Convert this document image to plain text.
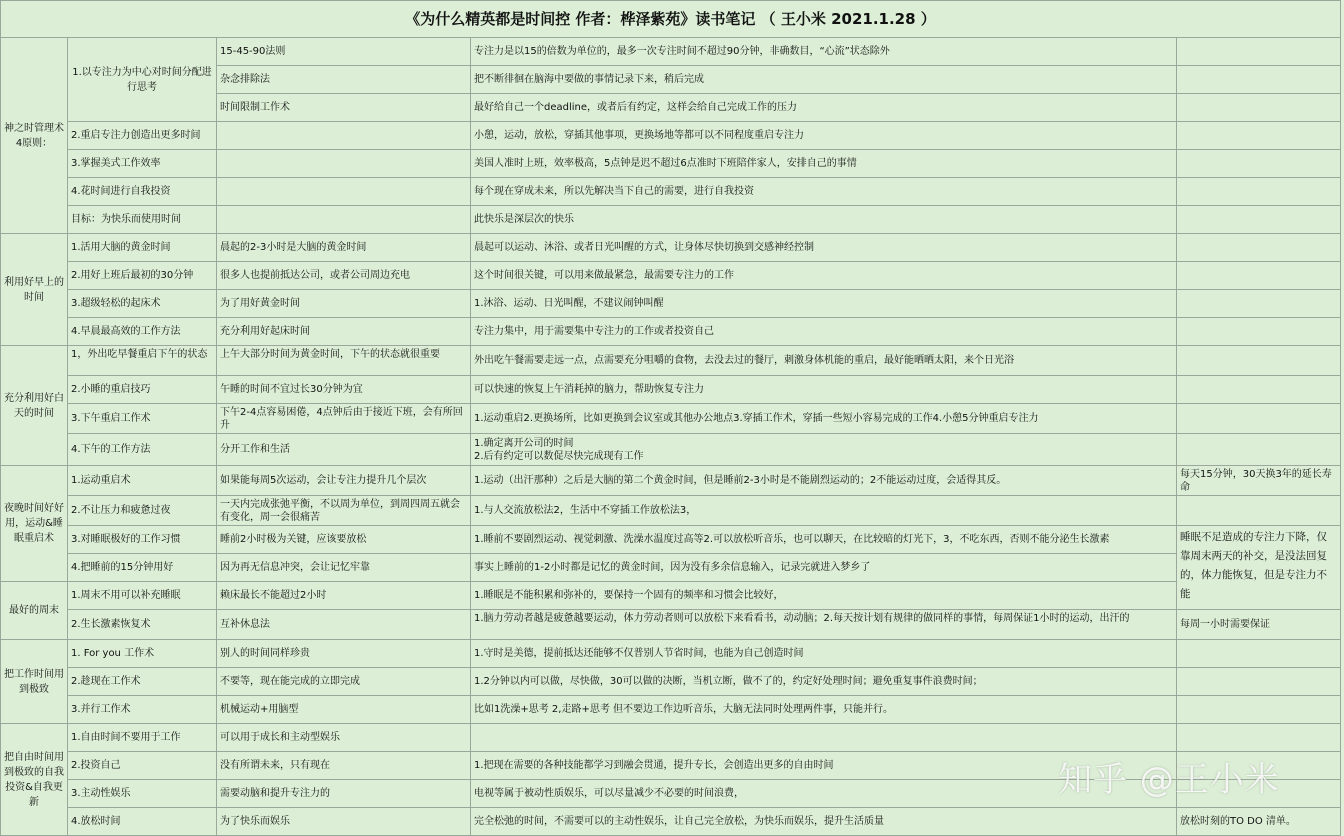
《为什么精英都是时间控 作者：桦泽紫苑》读书笔记 （ 王小米 2021.1.28 ）				
神之时管理术4原则：	1.以专注力为中心对时间分配进行思考	15-45-90法则	专注力是以15的倍数为单位的，最多一次专注时间不超过90分钟，非确数目，“心流”状态除外	
		杂念排除法	把不断徘徊在脑海中要做的事情记录下来，稍后完成	
		时间限制工作术	最好给自己一个deadline，或者后有约定，这样会给自己完成工作的压力	
	2.重启专注力创造出更多时间		小憩，运动，放松，穿插其他事项，更换场地等都可以不同程度重启专注力	
	3.掌握美式工作效率		美国人准时上班，效率极高，5点钟是迟不超过6点准时下班陪伴家人，安排自己的事情	
	4.花时间进行自我投资		每个现在穿成未来，所以先解决当下自己的需要，进行自我投资	
	目标：为快乐而使用时间		此快乐是深层次的快乐	
利用好早上的时间	1.活用大脑的黄金时间	晨起的2-3小时是大脑的黄金时间	晨起可以运动、沐浴、或者日光叫醒的方式，让身体尽快切换到交感神经控制	
	2.用好上班后最初的30分钟	很多人也提前抵达公司，或者公司周边充电	这个时间很关键，可以用来做最紧急，最需要专注力的工作	
	3.超级轻松的起床术	为了用好黄金时间	1.沐浴、运动、日光叫醒，不建议闹钟叫醒	
	4.早晨最高效的工作方法	充分利用好起床时间	专注力集中，用于需要集中专注力的工作或者投资自己	
充分利用好白天的时间	1，外出吃早餐重启下午的状态	上午大部分时间为黄金时间，下午的状态就很重要	外出吃午餐需要走远一点，点需要充分咀嚼的食物，去没去过的餐厅，刺激身体机能的重启，最好能晒晒太阳，来个日光浴	
	2.小睡的重启技巧	午睡的时间不宜过长30分钟为宜	可以快速的恢复上午消耗掉的脑力，帮助恢复专注力	
	3.下午重启工作术	下午2-4点容易困倦，4点钟后由于接近下班，会有所回升	1.运动重启2.更换场所，比如更换到会议室或其他办公地点3.穿插工作术，穿插一些短小容易完成的工作4.小憩5分钟重启专注力	
	4.下午的工作方法	分开工作和生活	1.确定离开公司的时间
2.后有约定可以数促尽快完成现有工作	
夜晚时间好好用，运动&睡眠重启术	1.运动重启术	如果能每周5次运动，会让专注力提升几个层次	1.运动（出汗那种）之后是大脑的第二个黄金时间，但是睡前2-3小时是不能剧烈运动的；2不能运动过度，会适得其反。	每天15分钟，30天换3年的延长寿命
	2.不让压力和疲惫过夜	一天内完成张弛平衡，不以周为单位，到周四周五就会有变化，周一会很痛苦	1.与人交流放松法2，生活中不穿插工作放松法3，	
	3.对睡眠极好的工作习惯	睡前2小时极为关键，应该要放松	1.睡前不要剧烈运动、视觉刺激、洗澡水温度过高等2.可以放松听音乐，也可以聊天，在比较暗的灯光下，3，不吃东西，否则不能分泌生长激素	睡眠不足造成的专注力下降，仅靠周末两天的补交，是没法回复的，体力能恢复，但是专注力不能
	4.把睡前的15分钟用好	因为再无信息冲突，会让记忆牢靠	事实上睡前的1-2小时都是记忆的黄金时间，因为没有多余信息输入，记录完就进入梦乡了	
最好的周末	1.周末不用可以补充睡眠	赖床最长不能超过2小时	1.睡眠是不能积累和弥补的，要保持一个固有的频率和习惯会比较好，	
	2.生长激素恢复术	互补休息法	1.脑力劳动者越是疲惫越要运动，体力劳动者则可以放松下来看看书，动动脑；2.每天按计划有规律的做同样的事情，每周保证1小时的运动，出汗的	每周一小时需要保证
把工作时间用到极致	1. For you 工作术	别人的时间同样珍贵	1.守时是美德，提前抵达还能够不仅普别人节省时间，也能为自己创造时间	
	2.趁现在工作术	不要等，现在能完成的立即完成	1.2分钟以内可以做，尽快做，30可以做的决断，当机立断，做不了的，约定好处理时间；避免重复事件浪费时间；	
	3.并行工作术	机械运动+用脑型	比如1洗澡+思考 2,走路+思考 但不要边工作边听音乐，大脑无法同时处理两件事，只能并行。	
把自由时间用到极致的自我投资&自我更新	1.自由时间不要用于工作	可以用于成长和主动型娱乐		
	2.投资自己	没有所谓未来，只有现在	1.把现在需要的各种技能都学习到融会贯通，提升专长，会创造出更多的自由时间	
	3.主动性娱乐	需要动脑和提升专注力的	电视等属于被动性质娱乐，可以尽量减少不必要的时间浪费，	
	4.放松时间	为了快乐而娱乐	完全松弛的时间，不需要可以的主动性娱乐，让自己完全放松，为快乐而娱乐，提升生活质量	放松时刻的TO DO 清单。
知乎 @王小米
